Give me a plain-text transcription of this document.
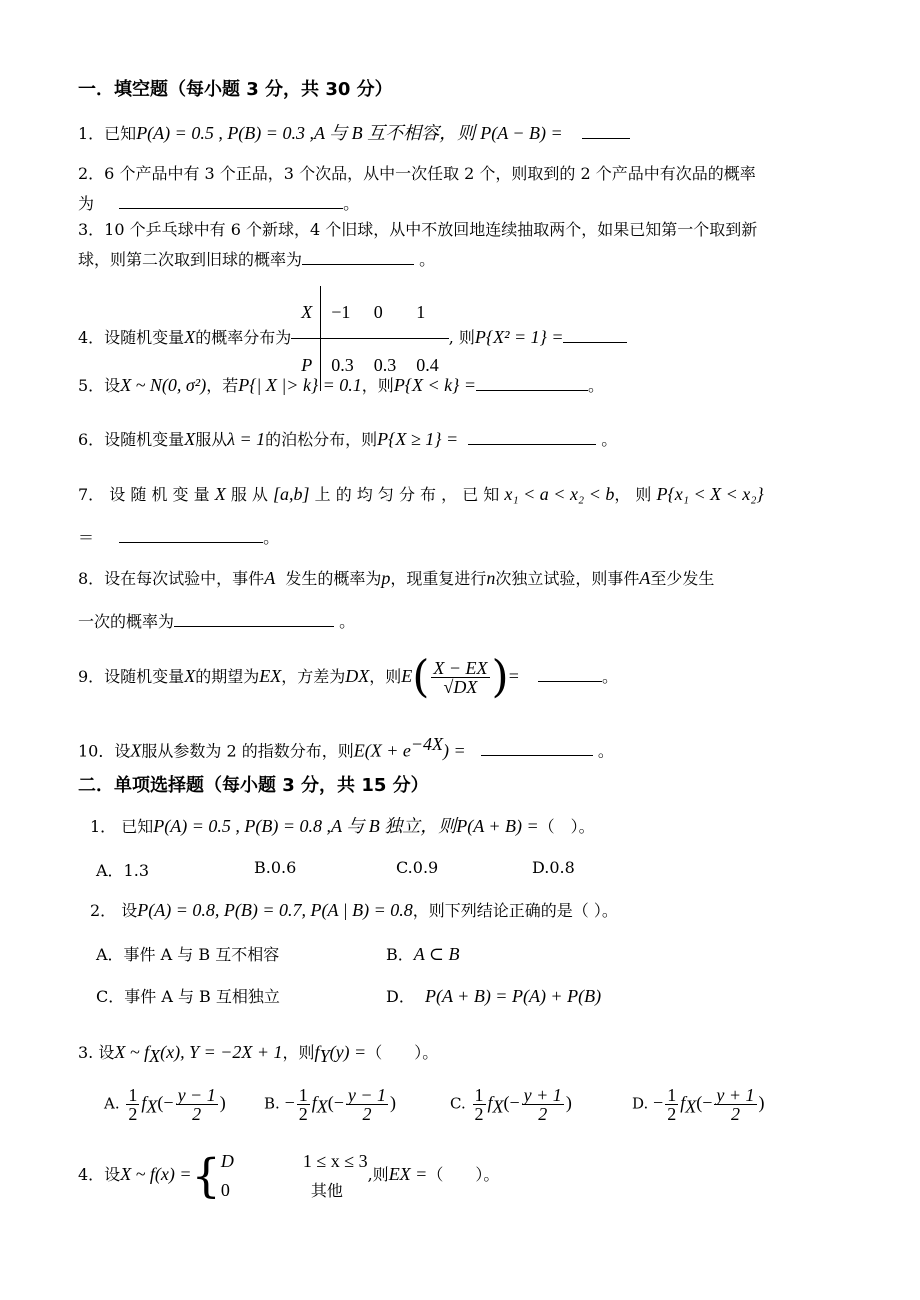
一．填空题（每小题 3 分，共 30 分）
1．已知P(A) = 0.5 , P(B) = 0.3 ,A 与 B 互不相容，则 P(A − B) =
2．6 个产品中有 3 个正品，3 个次品，从中一次任取 2 个，则取到的 2 个产品中有次品的概率
为	。
3．10 个乒乓球中有 6 个新球，4 个旧球，从中不放回地连续抽取两个，如果已知第一个取到新
球，则第二次取到旧球的概率为	。
4．设随机变量X的概率分布为X	−1	0	1
P	0.3	0.3	0.4, 则P{X² = 1} =
5．设X ~ N(0, σ²)，若P{| X |> k} = 0.1，则P{X < k} =	。
6．设随机变量X服从λ = 1的泊松分布，则P{X ≥ 1} =	。
7． 设 随 机 变 量 X 服 从 [a,b] 上 的 均 匀 分 布 ， 已 知 x₁ < a < x₂ < b， 则 P{x₁ < X < x₂}
＝	。
8．设在每次试验中，事件A 发生的概率为p，现重复进行n次独立试验，则事件A至少发生
一次的概率为	。
9．设随机变量X的期望为EX，方差为DX，则$E( \frac{X - EX}{√DX}$ )=	。
10．设X服从参数为 2 的指数分布，则$E(X + e^{-4X})$ =	。
二．单项选择题（每小题 3 分，共 15 分）
1． 已知P(A) = 0.5 , P(B) = 0.8 ,A 与 B 独立，则P(A + B) =（　）。
A．1.3	B.0.6	C.0.9	D.0.8
2． 设P(A) = 0.8, P(B) = 0.7, P(A | B) = 0.8，则下列结论正确的是（ ）。
A．事件 A 与 B 互不相容	B．A ⊂ B
C．事件 A 与 B 互相独立	D． P(A + B) = P(A) + P(B)
3. 设X ~ $f_X(x)$, Y = −2X + 1，则$f_Y(y)$ =（　　）。
A. $\frac{1}{2} f_X(- \frac{y - 1}{2}$ )	B. − $\frac{1}{2} f_X(- \frac{y - 1}{2}$ )	C. $\frac{1}{2} f_X(- \frac{y + 1}{2}$ )	D. − $\frac{1}{2} f_X(- \frac{y + 1}{2}$ )
4．设X ~ f(x) ={ D	1 ≤ x ≤ 3
0	其他
,则EX =（　　）。
